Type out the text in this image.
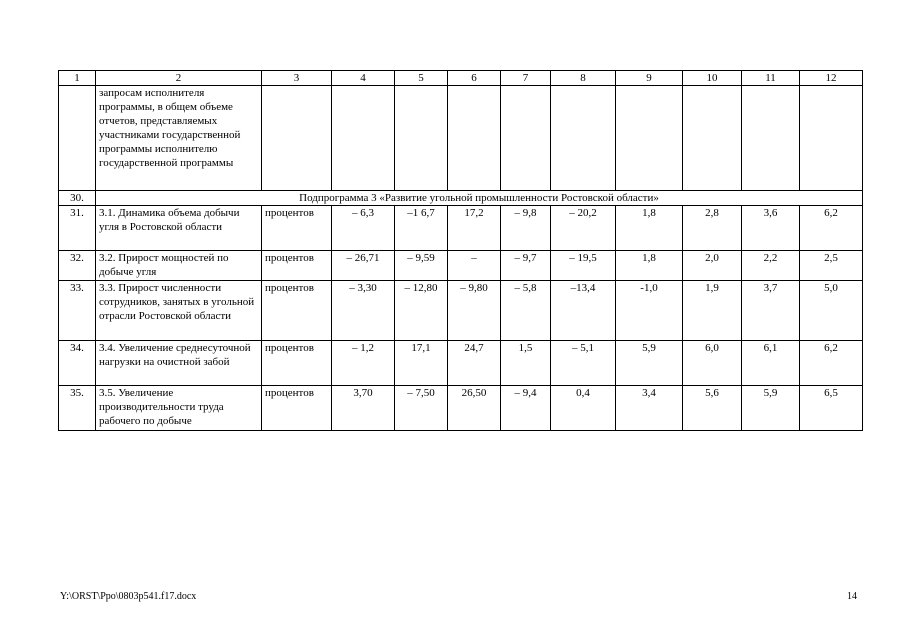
1	2	3	4	5	6	7	8	9	10	11	12
	запросам исполнителя программы, в общем объеме отчетов, представляемых участниками государственной программы исполнителю государственной программы										
30.	Подпрограмма 3 «Развитие угольной промышленности Ростовской области»										
31.	3.1. Динамика объема добычи угля в Ростовской области	процентов	– 6,3	–1 6,7	17,2	– 9,8	– 20,2	1,8	2,8	3,6	6,2
32.	3.2. Прирост мощностей по добыче угля	процентов	– 26,71	– 9,59	–	– 9,7	– 19,5	1,8	2,0	2,2	2,5
33.	3.3. Прирост численности сотрудников, занятых в угольной отрасли Ростовской области	процентов	– 3,30	– 12,80	– 9,80	– 5,8	–13,4	-1,0	1,9	3,7	5,0
34.	3.4. Увеличение среднесуточной нагрузки на очистной забой	процентов	– 1,2	17,1	24,7	1,5	– 5,1	5,9	6,0	6,1	6,2
35.	3.5. Увеличение производительности труда рабочего по добыче	процентов	3,70	– 7,50	26,50	– 9,4	0,4	3,4	5,6	5,9	6,5
Y:\ORST\Ppo\0803p541.f17.docx	14
